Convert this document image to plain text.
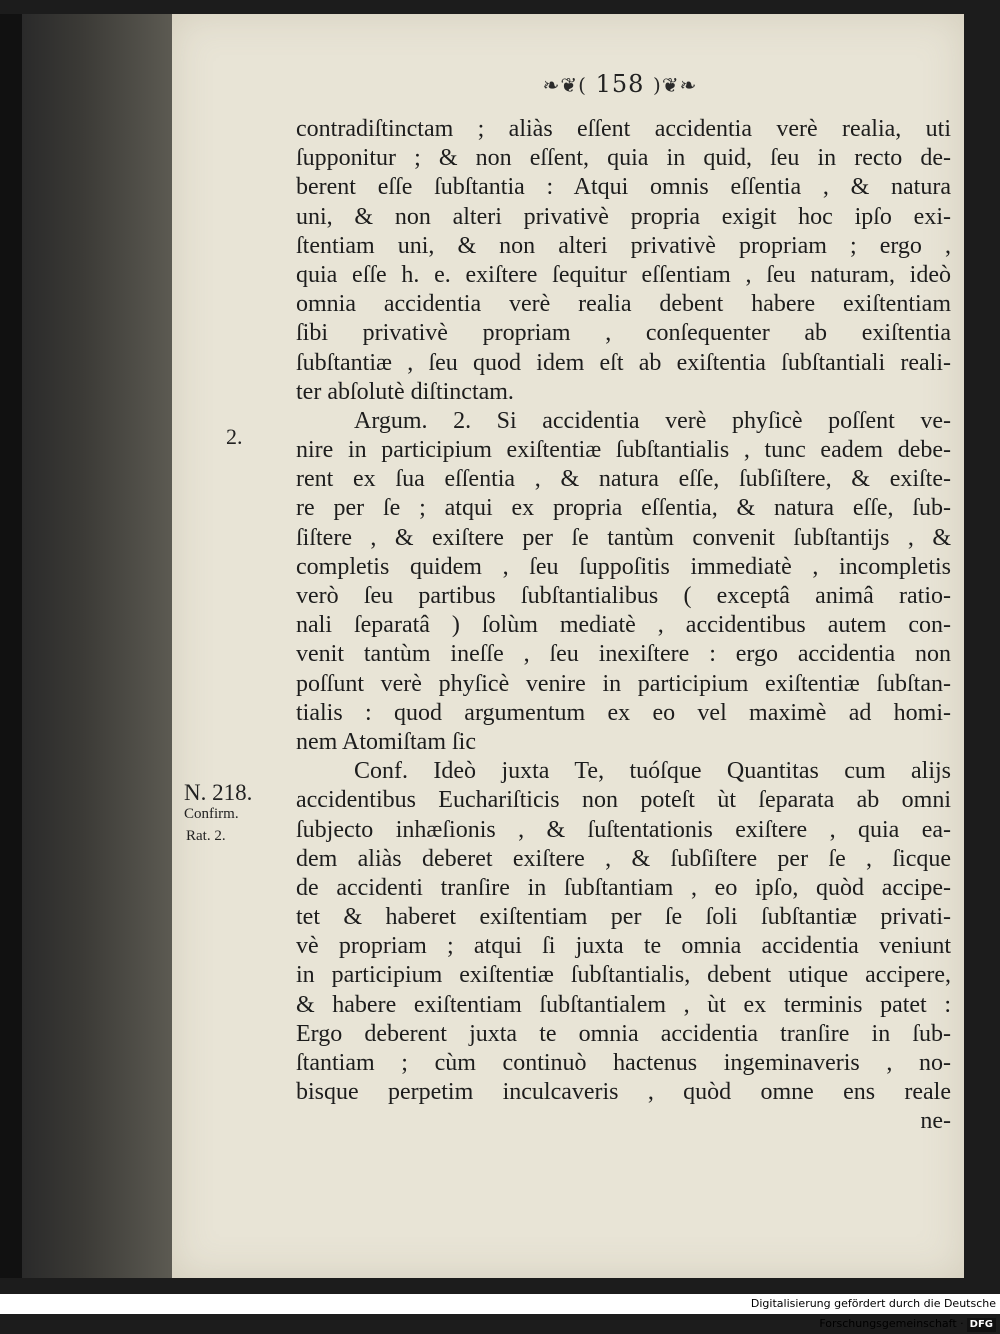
❧❦( 158 )❦❧
2.
N. 218.
Confirm.
Rat. 2.
contradiſtinctam ; aliàs eſſent accidentia verè realia, uti
ſupponitur ; & non eſſent, quia in quid, ſeu in recto de-
berent eſſe ſubſtantia : Atqui omnis eſſentia , & natura
uni, & non alteri privativè propria exigit hoc ipſo exi-
ſtentiam uni, & non alteri privativè propriam ; ergo ,
quia eſſe h. e. exiſtere ſequitur eſſentiam , ſeu naturam, ideò
omnia accidentia verè realia debent habere exiſtentiam
ſibi privativè propriam , conſequenter ab exiſtentia
ſubſtantiæ , ſeu quod idem eſt ab exiſtentia ſubſtantiali reali-
ter abſolutè diſtinctam.
Argum. 2. Si accidentia verè phyſicè poſſent ve-
nire in participium exiſtentiæ ſubſtantialis , tunc eadem debe-
rent ex ſua eſſentia , & natura eſſe, ſubſiſtere, & exiſte-
re per ſe ; atqui ex propria eſſentia, & natura eſſe, ſub-
ſiſtere , & exiſtere per ſe tantùm convenit ſubſtantijs , &
completis quidem , ſeu ſuppoſitis immediatè , incompletis
verò ſeu partibus ſubſtantialibus ( exceptâ animâ ratio-
nali ſeparatâ ) ſolùm mediatè , accidentibus autem con-
venit tantùm ineſſe , ſeu inexiſtere : ergo accidentia non
poſſunt verè phyſicè venire in participium exiſtentiæ ſubſtan-
tialis : quod argumentum ex eo vel maximè ad homi-
nem Atomiſtam ſic
Conf. Ideò juxta Te, tuóſque Quantitas cum alijs
accidentibus Euchariſticis non poteſt ùt ſeparata ab omni
ſubjecto inhæſionis , & ſuſtentationis exiſtere , quia ea-
dem aliàs deberet exiſtere , & ſubſiſtere per ſe , ſicque
de accidenti tranſire in ſubſtantiam , eo ipſo, quòd accipe-
tet & haberet exiſtentiam per ſe ſoli ſubſtantiæ privati-
vè propriam ; atqui ſi juxta te omnia accidentia veniunt
in participium exiſtentiæ ſubſtantialis, debent utique accipere,
& habere exiſtentiam ſubſtantialem , ùt ex terminis patet :
Ergo deberent juxta te omnia accidentia tranſire in ſub-
ſtantiam ; cùm continuò hactenus ingeminaveris , no-
bisque perpetim inculcaveris , quòd omne ens reale
ne-
Digitalisierung gefördert durch die Deutsche Forschungsgemeinschaft · DFG
